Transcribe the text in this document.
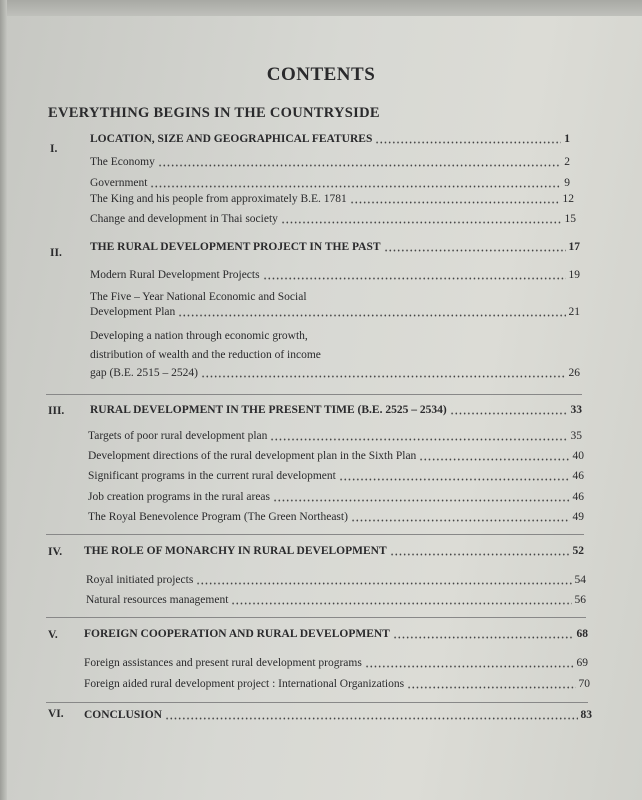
CONTENTS
EVERYTHING BEGINS IN THE COUNTRYSIDE
I.
LOCATION, SIZE AND GEOGRAPHICAL FEATURES	1
The Economy	2
Government	9
The King and his people from approximately B.E. 1781	12
Change and development in Thai society	15
II. THE RURAL DEVELOPMENT PROJECT IN THE PAST	17
Modern Rural Development Projects	19
The Five – Year National Economic and Social
Development Plan	21
Developing a nation through economic growth,
distribution of wealth and the reduction of income
gap (B.E. 2515 – 2524)	26
III. RURAL DEVELOPMENT IN THE PRESENT TIME (B.E. 2525 – 2534)	33
Targets of poor rural development plan	35
Development directions of the rural development plan in the Sixth Plan	40
Significant programs in the current rural development	46
Job creation programs in the rural areas	46
The Royal Benevolence Program (The Green Northeast)	49
IV. THE ROLE OF MONARCHY IN RURAL DEVELOPMENT	52
Royal initiated projects	54
Natural resources management	56
V. FOREIGN COOPERATION AND RURAL DEVELOPMENT	68
Foreign assistances and present rural development programs	69
Foreign aided rural development project : International Organizations	70
VI. CONCLUSION	83
